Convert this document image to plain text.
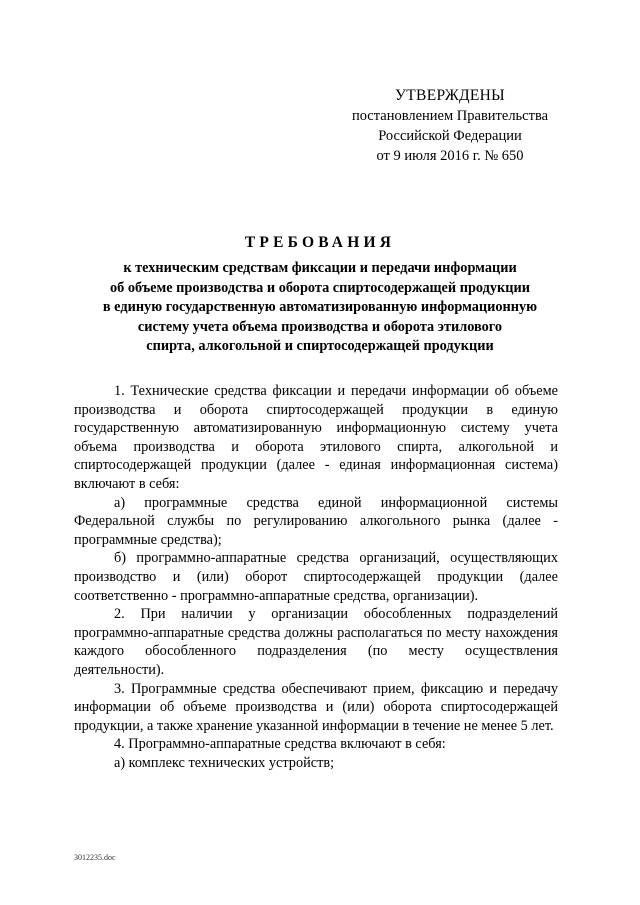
УТВЕРЖДЕНЫ
постановлением Правительства
Российской Федерации
от 9 июля 2016 г. № 650
ТРЕБОВАНИЯ
к техническим средствам фиксации и передачи информации
об объеме производства и оборота спиртосодержащей продукции
в единую государственную автоматизированную информационную
систему учета объема производства и оборота этилового
спирта, алкогольной и спиртосодержащей продукции

1. Технические средства фиксации и передачи информации об объеме производства и оборота спиртосодержащей продукции в единую государственную автоматизированную информационную систему учета объема производства и оборота этилового спирта, алкогольной и спиртосодержащей продукции (далее - единая информационная система) включают в себя:

а) программные средства единой информационной системы Федеральной службы по регулированию алкогольного рынка (далее - программные средства);

б) программно-аппаратные средства организаций, осуществляющих производство и (или) оборот спиртосодержащей продукции (далее соответственно - программно-аппаратные средства, организации).

2. При наличии у организации обособленных подразделений программно-аппаратные средства должны располагаться по месту нахождения каждого обособленного подразделения (по месту осуществления деятельности).

3. Программные средства обеспечивают прием, фиксацию и передачу информации об объеме производства и (или) оборота спиртосодержащей продукции, а также хранение указанной информации в течение не менее 5 лет.

4. Программно-аппаратные средства включают в себя:

а) комплекс технических устройств;

3012235.doc
